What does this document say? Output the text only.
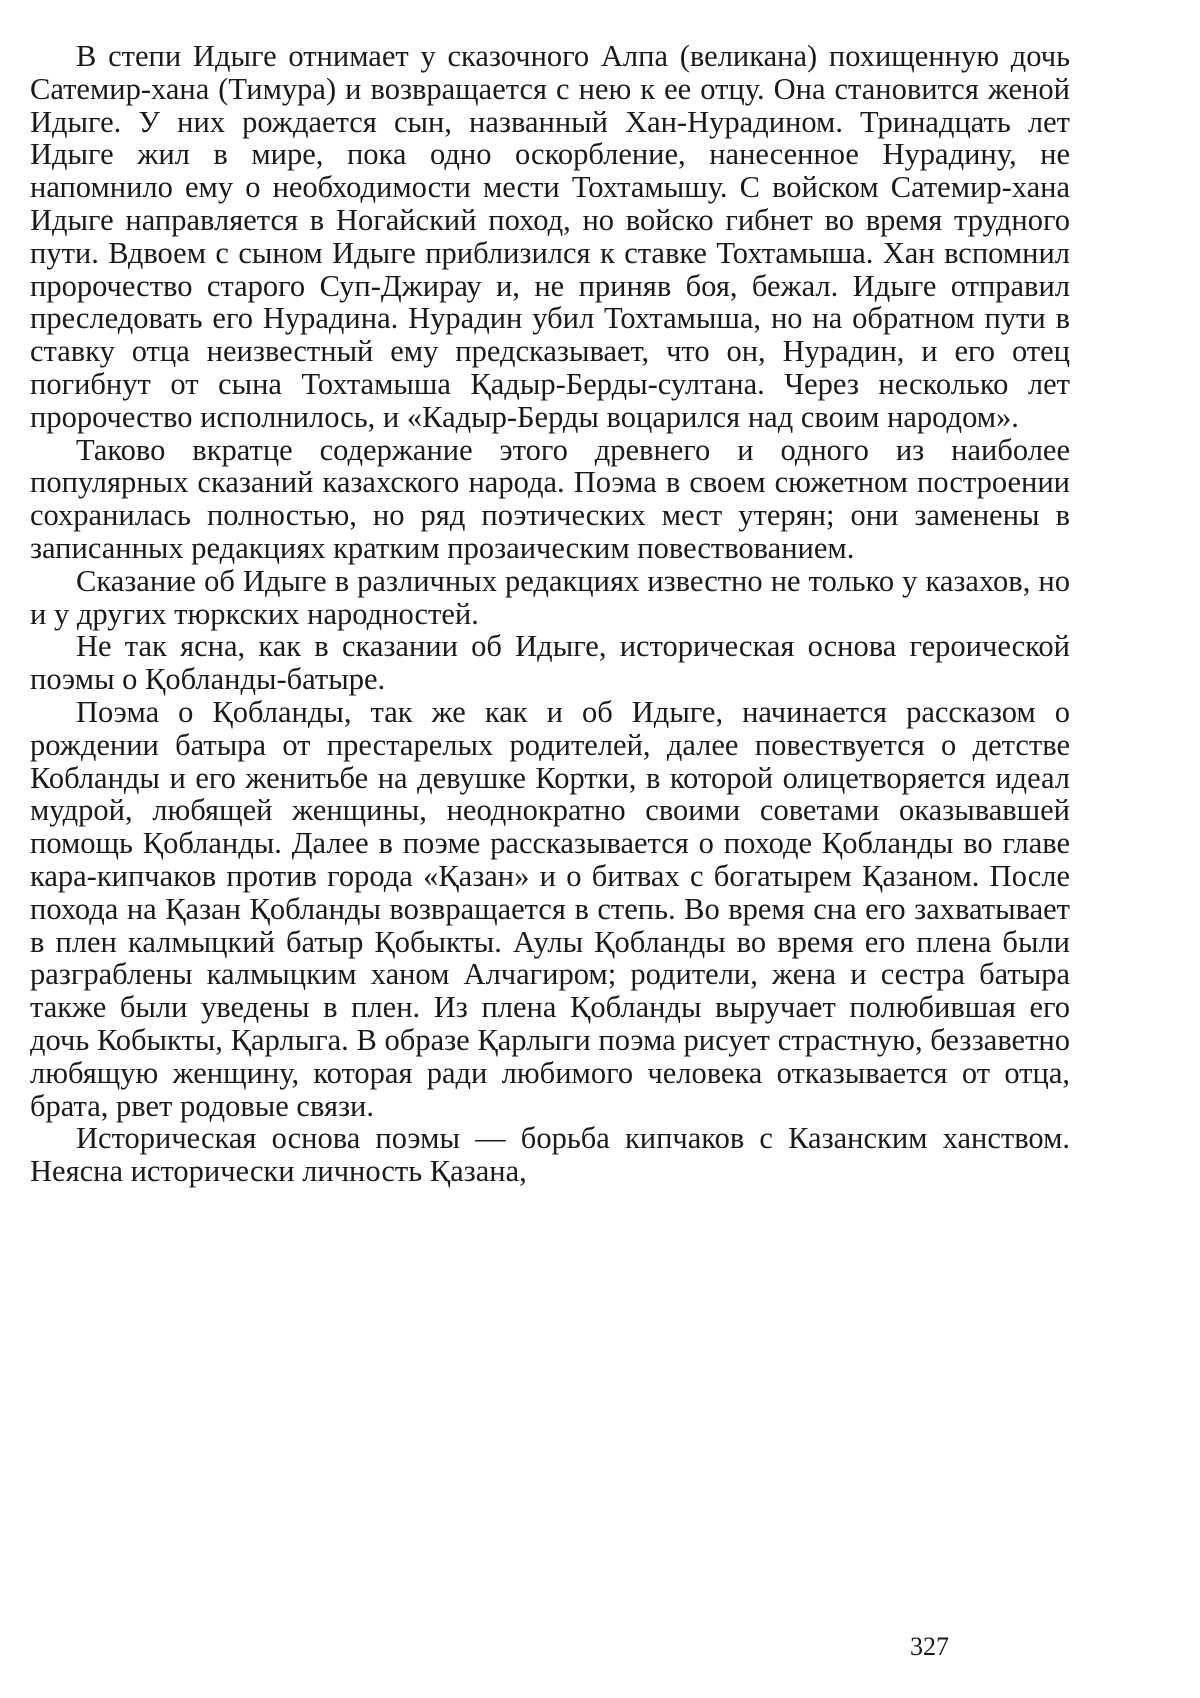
В степи Идыге отнимает у сказочного Алпа (великана) похищенную дочь Сатемир-хана (Тимура) и возвращается с нею к ее отцу. Она становится женой Идыге. У них рождается сын, названный Хан-Нурадином. Тринадцать лет Идыге жил в мире, пока одно оскорбление, нанесенное Нурадину, не напомнило ему о необходимости мести Тохтамышу. С войском Сатемир-хана Идыге направляется в Ногайский поход, но войско гибнет во время трудного пути. Вдвоем с сыном Идыге приблизился к ставке Тохтамыша. Хан вспомнил пророчество старого Суп-Джирау и, не приняв боя, бежал. Идыге отправил преследовать его Нурадина. Нурадин убил Тохтамыша, но на обратном пути в ставку отца неизвестный ему предсказывает, что он, Нурадин, и его отец погибнут от сына Тохтамыша Қадыр-Берды-султана. Через несколько лет пророчество исполнилось, и «Кадыр-Берды воцарился над своим народом».

Таково вкратце содержание этого древнего и одного из наиболее популярных сказаний казахского народа. Поэма в своем сюжетном построении сохранилась полностью, но ряд поэтических мест утерян; они заменены в записанных редакциях кратким прозаическим повествованием.

Сказание об Идыге в различных редакциях известно не только у казахов, но и у других тюркских народностей.

Не так ясна, как в сказании об Идыге, историческая основа героической поэмы о Қобланды-батыре.

Поэма о Қобланды, так же как и об Идыге, начинается рассказом о рождении батыра от престарелых родителей, далее повествуется о детстве Кобланды и его женитьбе на девушке Кортки, в которой олицетворяется идеал мудрой, любящей женщины, неоднократно своими советами оказывавшей помощь Қобланды. Далее в поэме рассказывается о походе Қобланды во главе кара-кипчаков против города «Қазан» и о битвах с богатырем Қазаном. После похода на Қазан Қобланды возвращается в степь. Во время сна его захватывает в плен калмыцкий батыр Қобыкты. Аулы Қобланды во время его плена были разграблены калмыцким ханом Алчагиром; родители, жена и сестра батыра также были уведены в плен. Из плена Қобланды выручает полюбившая его дочь Кобыкты, Қарлыга. В образе Қарлыги поэма рисует страстную, беззаветно любящую женщину, которая ради любимого человека отказывается от отца, брата, рвет родовые связи.

Историческая основа поэмы — борьба кипчаков с Казанским ханством. Неясна исторически личность Қазана,

327
